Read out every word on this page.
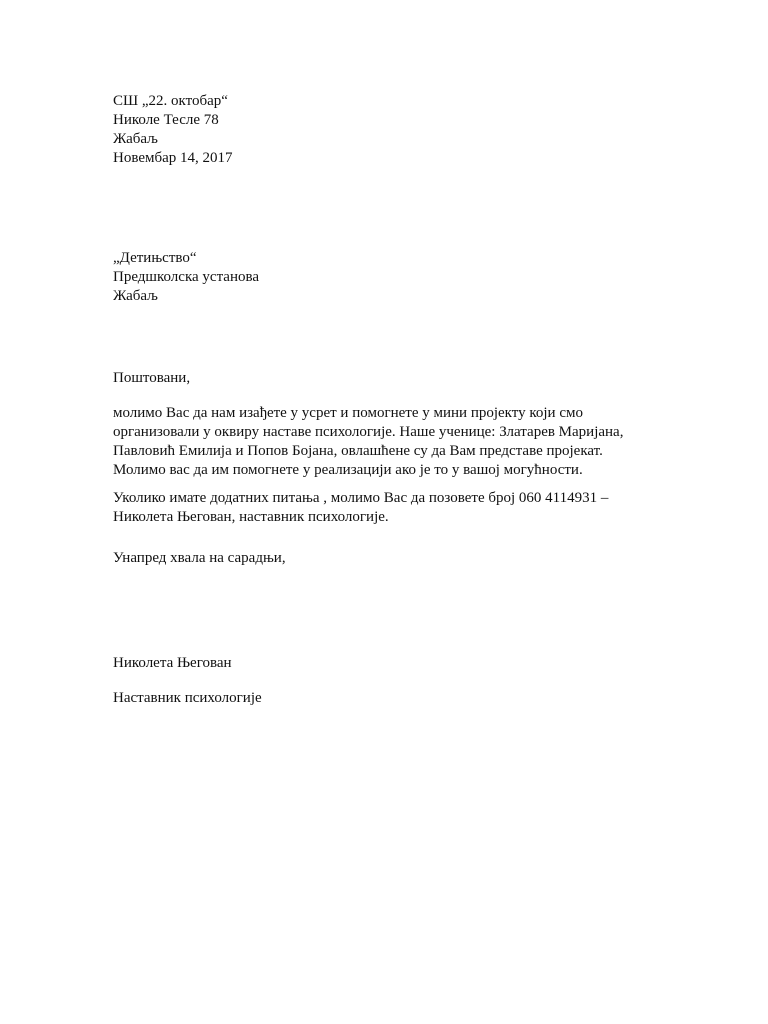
СШ „22. октобар“
Николе Тесле 78
Жабаљ
Новембар 14, 2017
„Детињство“
Предшколска установа
Жабаљ
Поштовани,
молимо Вас да нам изађете у усрет и помогнете у мини пројекту који смо
организовали у оквиру наставе психологије. Наше ученице: Златарев Маријана,
Павловић Емилија и Попов Бојана, овлашћене су да Вам представе пројекат.
Молимо вас да им помогнете у реализацији ако је то у вашој могућности.
Уколико имате додатних питања , молимо Вас да позовете број 060 4114931 –
Николета Његован, наставник психологије.
Унапред хвала на сарадњи,
Николета Његован
Наставник психологије
